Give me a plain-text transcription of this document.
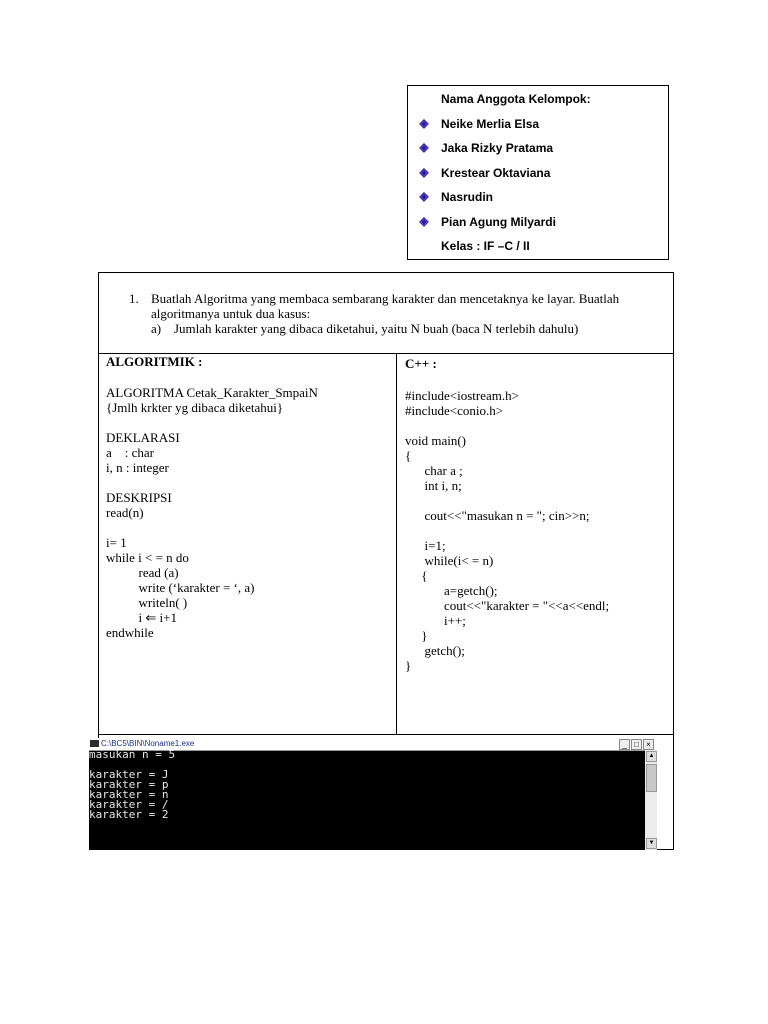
Nama Anggota Kelompok:
◈ Neike Merlia Elsa
◈ Jaka Rizky Pratama
◈ Krestear Oktaviana
◈ Nasrudin
◈ Pian Agung Milyardi
Kelas : IF –C / II
1. Buatlah Algoritma yang membaca sembarang karakter dan mencetaknya ke layar. Buatlah
algoritmanya untuk dua kasus:
a) Jumlah karakter yang dibaca diketahui, yaitu N buah (baca N terlebih dahulu)
ALGORITMIK :
ALGORITMA Cetak_Karakter_SmpaiN
{Jmlh krkter yg dibaca diketahui}

DEKLARASI
a    : char
i, n : integer

DESKRIPSI
read(n)

i= 1
while i < = n do
read (a)
write (‘karakter = ‘, a)
writeln( )
i ⇐ i+1
endwhile
C++ :
#include<iostream.h>
#include<conio.h>

void main()
{
char a ;
int i, n;

cout<<"masukan n = "; cin>>n;

i=1;
while(i< = n)
{
a=getch();
cout<<"karakter = "<<a<<endl;
i++;
}
getch();
}
C:\BC5\BIN\Noname1.exe	_ □ ×
masukan n = 5

karakter = J
karakter = p
karakter = n
karakter = /
karakter = 2
▲
▼
